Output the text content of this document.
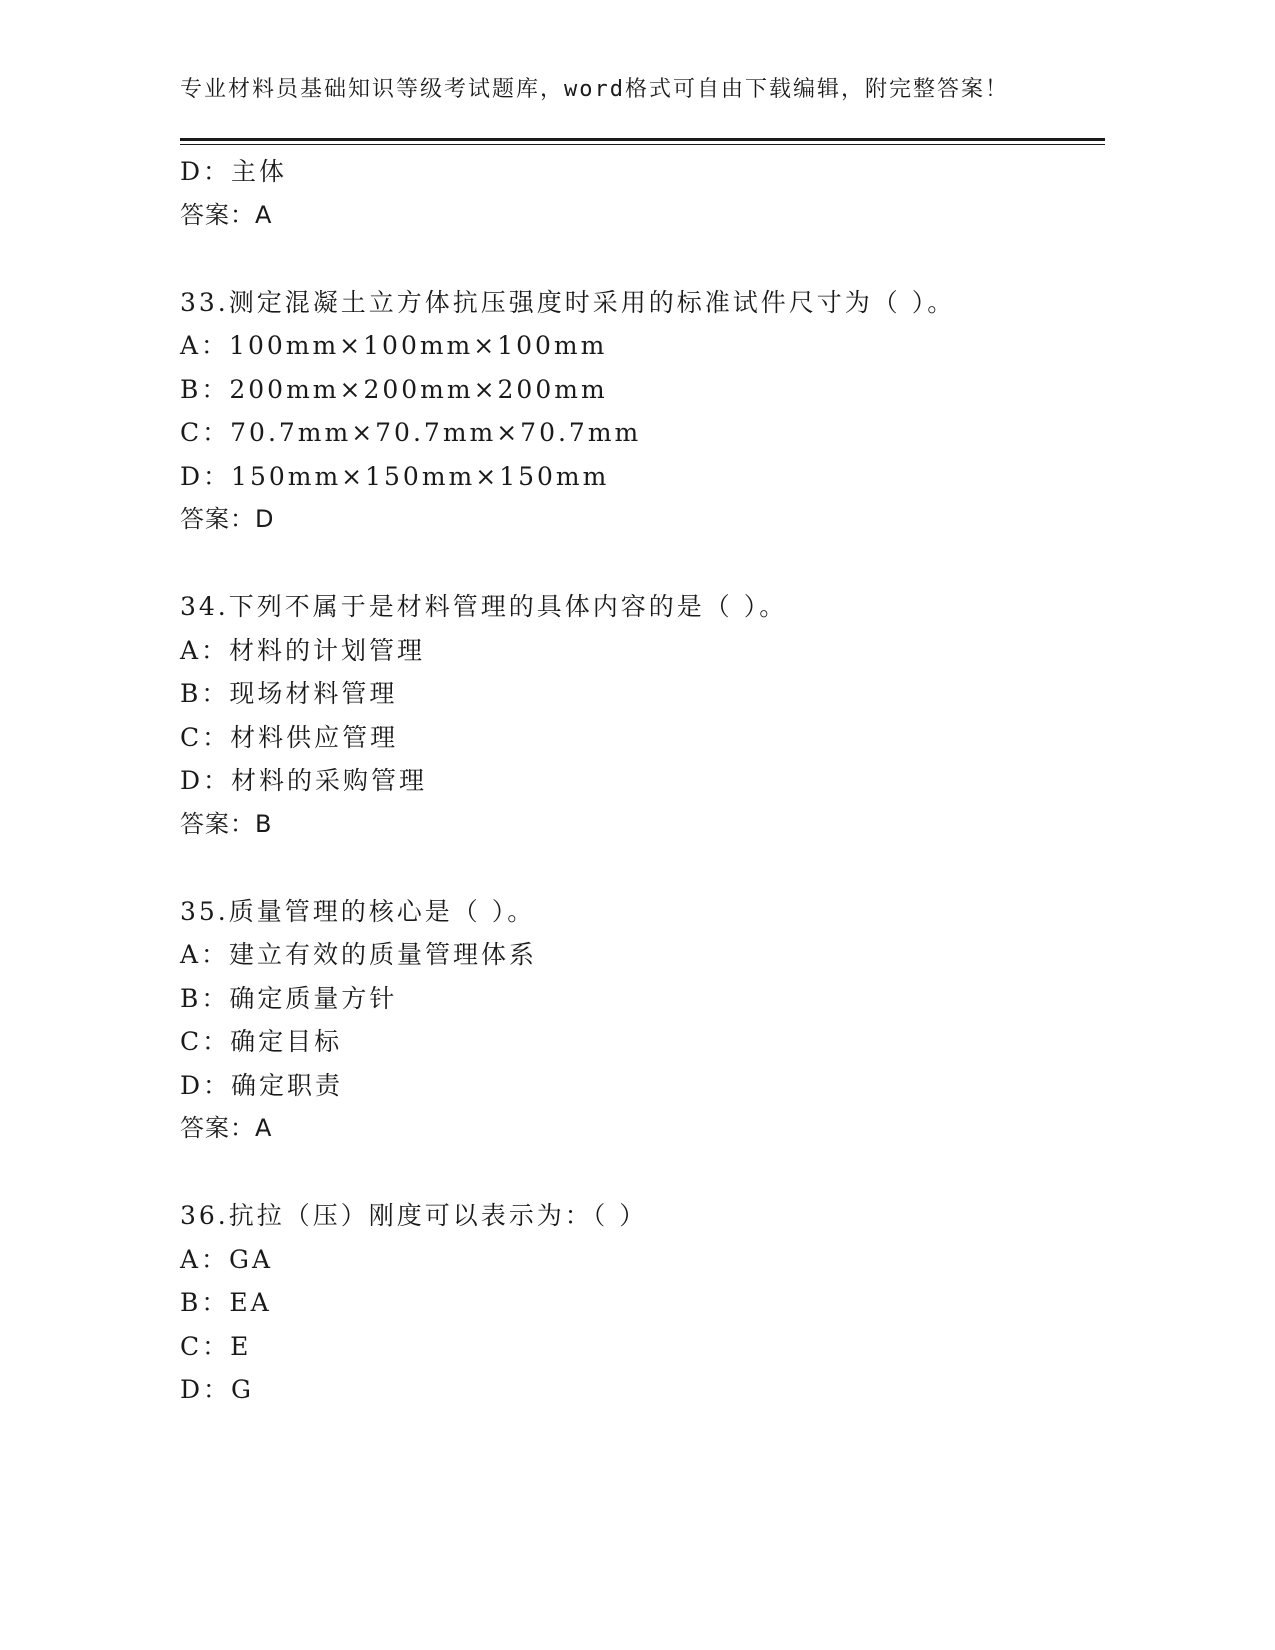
专业材料员基础知识等级考试题库，word格式可自由下载编辑，附完整答案！
D：主体
答案：A
33.测定混凝土立方体抗压强度时采用的标准试件尺寸为（ ）。
A：100mm×100mm×100mm
B：200mm×200mm×200mm
C：70.7mm×70.7mm×70.7mm
D：150mm×150mm×150mm
答案：D
34.下列不属于是材料管理的具体内容的是（ ）。
A：材料的计划管理
B：现场材料管理
C：材料供应管理
D：材料的采购管理
答案：B
35.质量管理的核心是（ ）。
A：建立有效的质量管理体系
B：确定质量方针
C：确定目标
D：确定职责
答案：A
36.抗拉（压）刚度可以表示为：（ ）
A：GA
B：EA
C：E
D：G
